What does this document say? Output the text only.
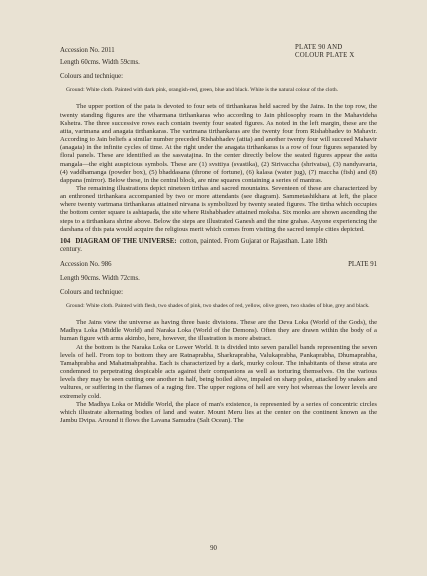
Accession No. 2011	PLATE 90 AND
COLOUR PLATE X
Length 60cms. Width 59cms.
Colours and technique:
Ground: White cloth. Painted with dark pink, orangish-red, green, blue and black. White is the natural colour of the cloth.

The upper portion of the pata is devoted to four sets of tirthankaras held sacred by the Jains. In the top row, the twenty standing figures are the viharmana tirthankaras who according to Jain philosophy roam in the Mahavideha Kshetra. The three successive rows each contain twenty four seated figures. As noted in the left margin, these are the atita, vartmana and anagata tirthankaras. The vartmana tirthankaras are the twenty four from Rishabhadev to Mahavir. According to Jain beliefs a similar number preceded Rishabhadev (atita) and another twenty four will succeed Mahavir (anagata) in the infinite cycles of time. At the right under the anagata tirthankaras is a row of four figures separated by floral panels. These are identified as the sasvatajina. In the center directly below the seated figures appear the astta mangala—the eight auspicious symbols. These are (1) svsttiya (svastika), (2) Sirivaccha (shrivatsa), (3) nandyavarta, (4) vaddhamanga (powder box), (5) bhaddasana (throne of fortune), (6) kalasa (water jug), (7) maccha (fish) and (8) dappana (mirror). Below these, in the central block, are nine squares containing a series of mantras.

The remaining illustrations depict nineteen tirthas and sacred mountains. Seventeen of these are characterized by an enthroned tirthankara accompanied by two or more attendants (see diagram). Sammetashikhara at left, the place where twenty vartmana tirthankaras attained nirvana is symbolized by twenty seated figures. The tirtha which occupies the bottom center square is ashtapada, the site where Rishabhadev attained moksha. Six monks are shown ascending the steps to a tirthankara shrine above. Below the steps are illustrated Ganesh and the nine grahas. Anyone experiencing the darshana of this pata would acquire the religious merit which comes from visiting the sacred temple cities depicted.

104 DIAGRAM OF THE UNIVERSE: cotton, painted. From Gujarat or Rajasthan. Late 18th
century.
Accession No. 986	PLATE 91
Length 90cms. Width 72cms.
Colours and technique:
Ground: White cloth. Painted with flesh, two shades of pink, two shades of red, yellow, olive green, two shades of blue, grey and black.

The Jains view the universe as having three basic divisions. These are the Deva Loka (World of the Gods), the Madhya Loka (Middle World) and Naraka Loka (World of the Demons). Often they are drawn within the body of a human figure with arms akimbo, here, however, the illustration is more abstract.

At the bottom is the Naraka Loka or Lower World. It is divided into seven parallel bands representing the seven levels of hell. From top to bottom they are Ratnaprabha, Sharkraprabha, Valukaprabha, Pankaprabha, Dhumaprabha, Tamahprabha and Mahatmahprabha. Each is characterized by a dark, murky colour. The inhabitants of these strata are condemned to perpetrating despicable acts against their companions as well as torturing themselves. On the various levels they may be seen cutting one another in half, being boiled alive, impaled on sharp poles, attacked by snakes and vultures, or suffering in the flames of a raging fire. The upper regions of hell are very hot whereas the lower levels are extremely cold.

The Madhya Loka or Middle World, the place of man's existence, is represented by a series of concentric circles which illustrate alternating bodies of land and water. Mount Meru lies at the center on the continent known as the Jambu Dvipa. Around it flows the Lavana Samudra (Salt Ocean). The

90
